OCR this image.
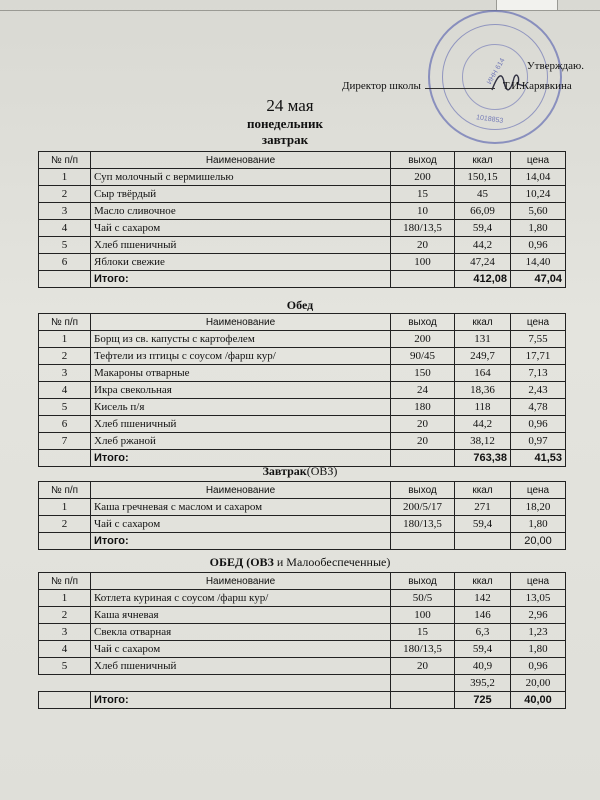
ИНН 614
1018853
Утверждаю.
Директор школы	Т.И.Карявкина
24 мая
понедельник
завтрак
№ п/п	Наименование	выход	ккал	цена
1	Суп молочный с вермишелью	200	150,15	14,04
2	Сыр твёрдый	15	45	10,24
3	Масло сливочное	10	66,09	5,60
4	Чай с сахаром	180/13,5	59,4	1,80
5	Хлеб пшеничный	20	44,2	0,96
6	Яблоки свежие	100	47,24	14,40
	Итого:		412,08	47,04
Обед
№ п/п	Наименование	выход	ккал	цена
1	Борщ из св. капусты с картофелем	200	131	7,55
2	Тефтели из птицы с соусом /фарш кур/	90/45	249,7	17,71
3	Макароны отварные	150	164	7,13
4	Икра свекольная	24	18,36	2,43
5	Кисель п/я	180	118	4,78
6	Хлеб пшеничный	20	44,2	0,96
7	Хлеб ржаной	20	38,12	0,97
	Итого:		763,38	41,53
Завтрак(ОВЗ)
№ п/п	Наименование	выход	ккал	цена
1	Каша гречневая с маслом и сахаром	200/5/17	271	18,20
2	Чай с сахаром	180/13,5	59,4	1,80
	Итого:			20,00
ОБЕД (ОВЗ и Малообеспеченные)
№ п/п	Наименование	выход	ккал	цена
1	Котлета куриная с соусом /фарш кур/	50/5	142	13,05
2	Каша ячневая	100	146	2,96
3	Свекла отварная	15	6,3	1,23
4	Чай с сахаром	180/13,5	59,4	1,80
5	Хлеб пшеничный	20	40,9	0,96
			395,2	20,00
	Итого:		725	40,00
